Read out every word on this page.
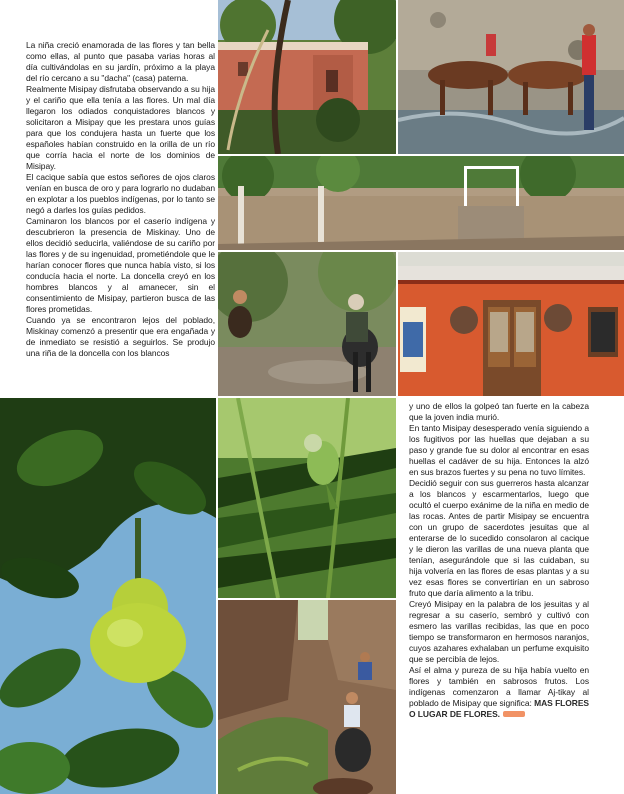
La niña creció enamorada de las flores y tan bella como ellas, al punto que pasaba varias horas al día cultivándolas en su jardín, próximo a la playa del río cercano a su "dacha" (casa) paterna.

Realmente Misipay disfrutaba observando a su hija y el cariño que ella tenía a las flores. Un mal día llegaron los odiados conquistadores blancos y solicitaron a Misipay que les prestara unos guías para que los condujera hasta un fuerte que los españoles habían construido en la orilla de un río que corría hacia el norte de los dominios de Misipay.

El cacique sabía que estos señores de ojos claros venían en busca de oro y para lograrlo no dudaban en explotar a los pueblos indígenas, por lo tanto se negó a darles los guías pedidos.

Caminaron los blancos por el caserío indígena y descubrieron la presencia de Miskinay. Uno de ellos decidió seducirla, valiéndose de su cariño por las flores y de su ingenuidad, prometiéndole que le harían conocer flores que nunca había visto, si los conducía hacia el norte. La doncella creyó en los hombres blancos y al amanecer, sin el consentimiento de Misipay, partieron busca de las flores prometidas.

Cuando ya se encontraron lejos del poblado, Miskinay comenzó a presentir que era engañada y de inmediato se resistió a seguirlos. Se produjo una riña de la doncella con los blancos

y uno de ellos la golpeó tan fuerte en la cabeza que la joven india murió.

En tanto Misipay desesperado venía siguiendo a los fugitivos por las huellas que dejaban a su paso y grande fue su dolor al encontrar en esas huellas el cadáver de su hija. Entonces la alzó en sus brazos fuertes y su pena no tuvo límites.

Decidió seguir con sus guerreros hasta alcanzar a los blancos y escarmentarlos, luego que ocultó el cuerpo exánime de la niña en medio de las rocas. Antes de partir Misipay se encuentra con un grupo de sacerdotes jesuitas que al enterarse de lo sucedido consolaron al cacique y le dieron las varillas de una nueva planta que tenían, asegurándole que si las cuidaban, su hija volvería en las flores de esas plantas y a su vez esas flores se convertirían en un sabroso fruto que daría alimento a la tribu.

Creyó Misipay en la palabra de los jesuitas y al regresar a su caserío, sembró y cultivó con esmero las varillas recibidas, las que en poco tiempo se transformaron en hermosos naranjos, cuyos azahares exhalaban un perfume exquisito que se percibía de lejos.

Así el alma y pureza de su hija había vuelto en flores y también en sabrosos frutos. Los indígenas comenzaron a llamar Aj-tikay al poblado de Misipay que significa: MAS FLORES O LUGAR DE FLORES.
